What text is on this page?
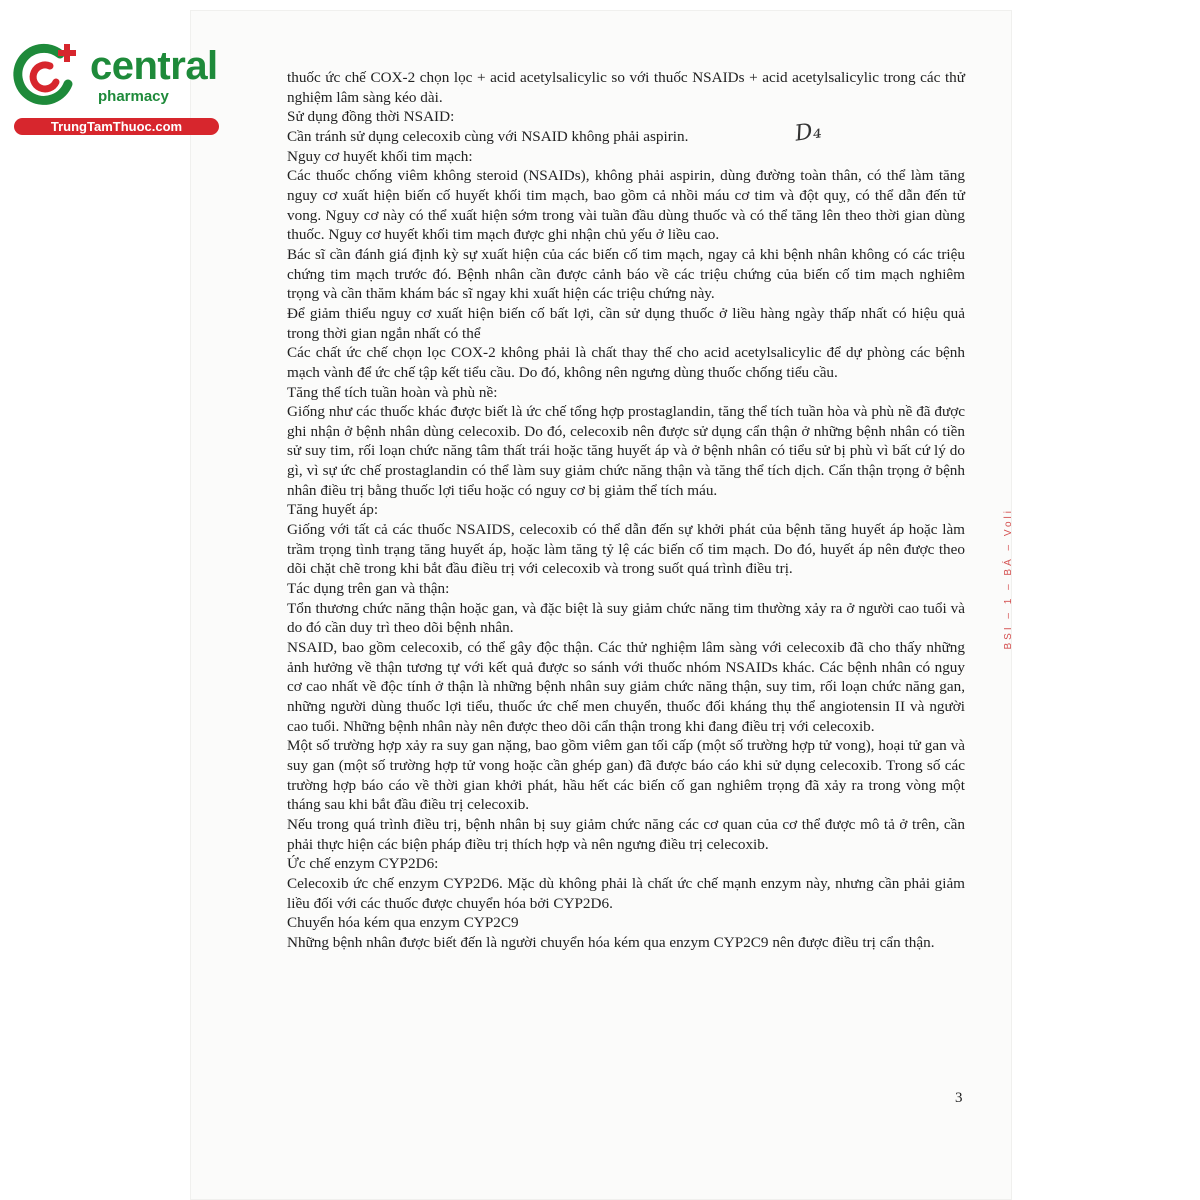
central
pharmacy
TrungTamThuoc.com

thuốc ức chế COX-2 chọn lọc + acid acetylsalicylic so với thuốc NSAIDs + acid acetylsalicylic trong các thử nghiệm lâm sàng kéo dài.

Sử dụng đồng thời NSAID:

Cần tránh sử dụng celecoxib cùng với NSAID không phải aspirin.

Nguy cơ huyết khối tim mạch:

Các thuốc chống viêm không steroid (NSAIDs), không phải aspirin, dùng đường toàn thân, có thể làm tăng nguy cơ xuất hiện biến cố huyết khối tim mạch, bao gồm cả nhồi máu cơ tim và đột quỵ, có thể dẫn đến tử vong. Nguy cơ này có thể xuất hiện sớm trong vài tuần đầu dùng thuốc và có thể tăng lên theo thời gian dùng thuốc. Nguy cơ huyết khối tim mạch được ghi nhận chủ yếu ở liều cao.

Bác sĩ cần đánh giá định kỳ sự xuất hiện của các biến cố tim mạch, ngay cả khi bệnh nhân không có các triệu chứng tim mạch trước đó. Bệnh nhân cần được cảnh báo về các triệu chứng của biến cố tim mạch nghiêm trọng và cần thăm khám bác sĩ ngay khi xuất hiện các triệu chứng này.

Để giảm thiểu nguy cơ xuất hiện biến cố bất lợi, cần sử dụng thuốc ở liều hàng ngày thấp nhất có hiệu quả trong thời gian ngắn nhất có thể

Các chất ức chế chọn lọc COX-2 không phải là chất thay thế cho acid acetylsalicylic để dự phòng các bệnh mạch vành để ức chế tập kết tiểu cầu. Do đó, không nên ngưng dùng thuốc chống tiểu cầu.

Tăng thể tích tuần hoàn và phù nề:

Giống như các thuốc khác được biết là ức chế tổng hợp prostaglandin, tăng thể tích tuần hòa và phù nề đã được ghi nhận ở bệnh nhân dùng celecoxib. Do đó, celecoxib nên được sử dụng cẩn thận ở những bệnh nhân có tiền sử suy tim, rối loạn chức năng tâm thất trái hoặc tăng huyết áp và ở bệnh nhân có tiểu sử bị phù vì bất cứ lý do gì, vì sự ức chế prostaglandin có thể làm suy giảm chức năng thận và tăng thể tích dịch. Cẩn thận trọng ở bệnh nhân điều trị bằng thuốc lợi tiểu hoặc có nguy cơ bị giảm thể tích máu.

Tăng huyết áp:

Giống với tất cả các thuốc NSAIDS, celecoxib có thể dẫn đến sự khởi phát của bệnh tăng huyết áp hoặc làm trầm trọng tình trạng tăng huyết áp, hoặc làm tăng tỷ lệ các biến cố tim mạch. Do đó, huyết áp nên được theo dõi chặt chẽ trong khi bắt đầu điều trị với celecoxib và trong suốt quá trình điều trị.

Tác dụng trên gan và thận:

Tổn thương chức năng thận hoặc gan, và đặc biệt là suy giảm chức năng tim thường xảy ra ở người cao tuổi và do đó cần duy trì theo dõi bệnh nhân.

NSAID, bao gồm celecoxib, có thể gây độc thận. Các thử nghiệm lâm sàng với celecoxib đã cho thấy những ảnh hưởng về thận tương tự với kết quả được so sánh với thuốc nhóm NSAIDs khác. Các bệnh nhân có nguy cơ cao nhất về độc tính ở thận là những bệnh nhân suy giảm chức năng thận, suy tim, rối loạn chức năng gan, những người dùng thuốc lợi tiểu, thuốc ức chế men chuyển, thuốc đối kháng thụ thể angiotensin II và người cao tuổi. Những bệnh nhân này nên được theo dõi cẩn thận trong khi đang điều trị với celecoxib.

Một số trường hợp xảy ra suy gan nặng, bao gồm viêm gan tối cấp (một số trường hợp tử vong), hoại tử gan và suy gan (một số trường hợp tử vong hoặc cần ghép gan) đã được báo cáo khi sử dụng celecoxib. Trong số các trường hợp báo cáo về thời gian khởi phát, hầu hết các biến cố gan nghiêm trọng đã xảy ra trong vòng một tháng sau khi bắt đầu điều trị celecoxib.

Nếu trong quá trình điều trị, bệnh nhân bị suy giảm chức năng các cơ quan của cơ thể được mô tả ở trên, cần phải thực hiện các biện pháp điều trị thích hợp và nên ngưng điều trị celecoxib.

Ức chế enzym CYP2D6:

Celecoxib ức chế enzym CYP2D6. Mặc dù không phải là chất ức chế mạnh enzym này, nhưng cần phải giảm liều đối với các thuốc được chuyển hóa bởi CYP2D6.

Chuyển hóa kém qua enzym CYP2C9

Những bệnh nhân được biết đến là người chuyển hóa kém qua enzym CYP2C9 nên được điều trị cẩn thận.

D₄
BSI – 1 – BÁ – Voli
3
